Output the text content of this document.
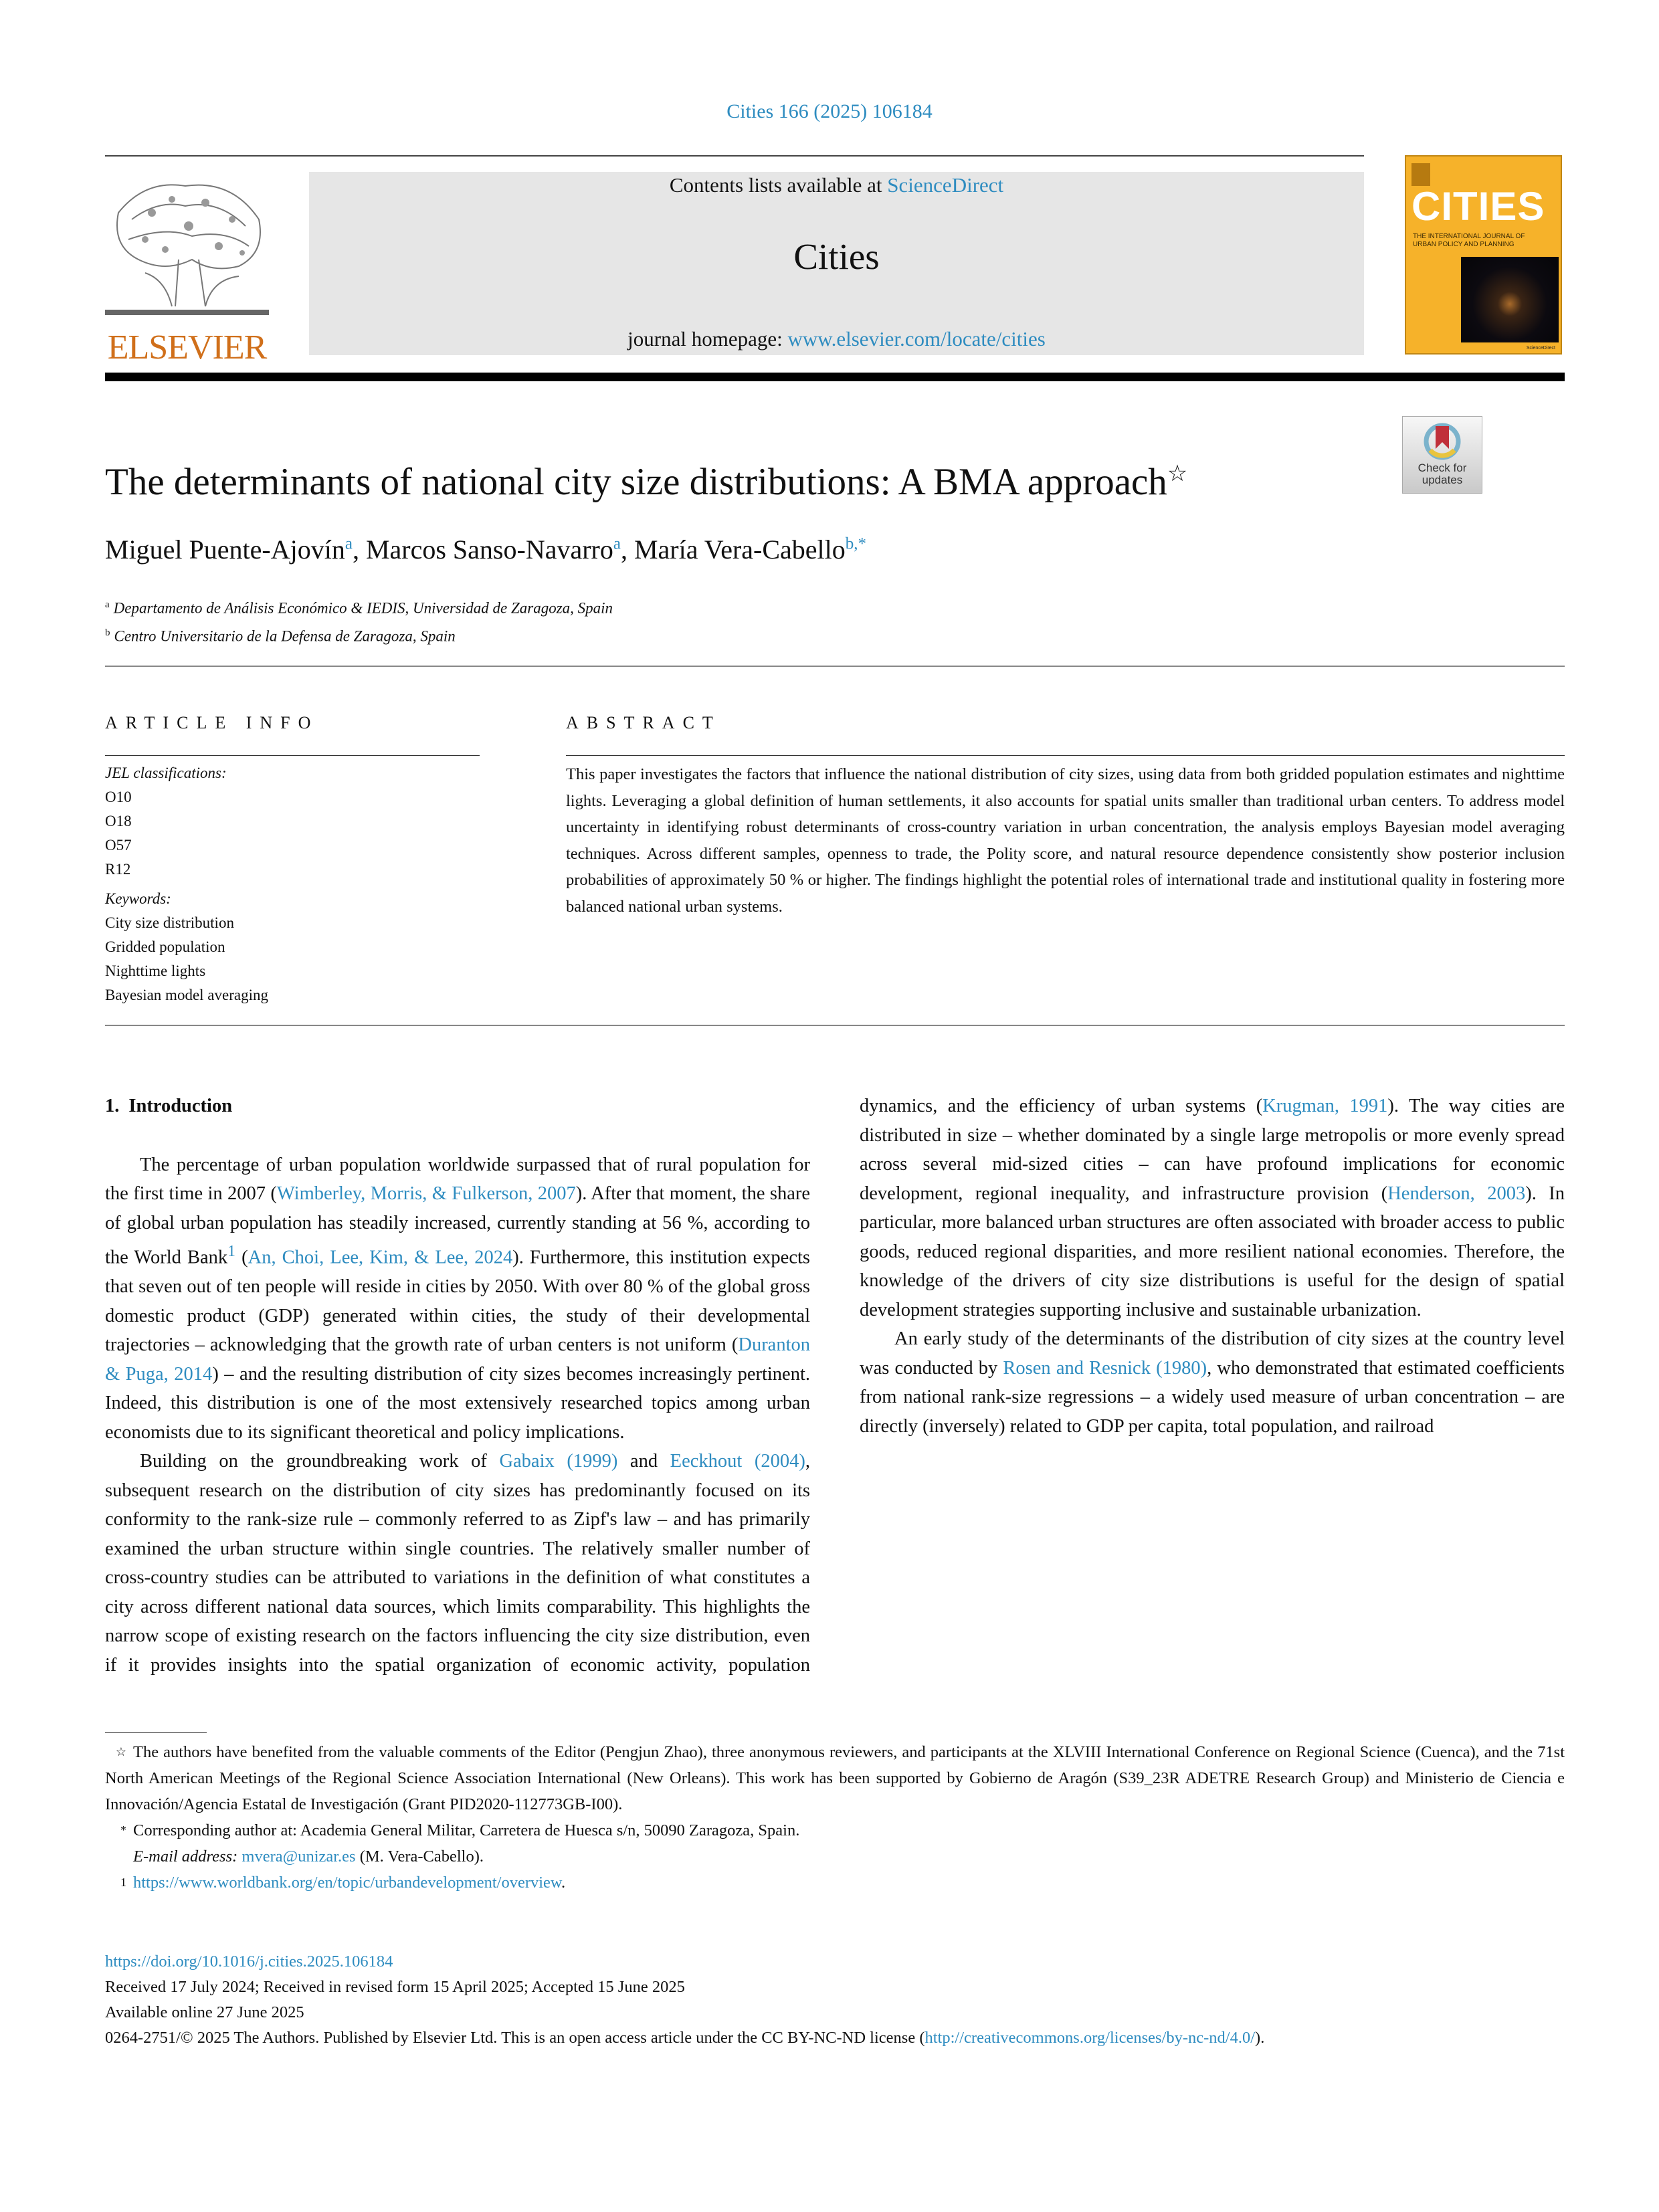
Cities 166 (2025) 106184
ELSEVIER
Contents lists available at ScienceDirect
Cities
journal homepage: www.elsevier.com/locate/cities
CITIES
THE INTERNATIONAL JOURNAL OF
URBAN POLICY AND PLANNING
ScienceDirect
The determinants of national city size distributions: A BMA approach☆	Check for
updates
Miguel Puente-Ajovín$^a$, Marcos Sanso-Navarro$^a$, María Vera-Cabello$^{b,*}$
$^a$ Departamento de Análisis Económico & IEDIS, Universidad de Zaragoza, Spain
$^b$ Centro Universitario de la Defensa de Zaragoza, Spain
ARTICLE INFO	ABSTRACT
JEL classifications:
O10
O18
O57
R12
Keywords:
City size distribution
Gridded population
Nighttime lights
Bayesian model averaging
This paper investigates the factors that influence the national distribution of city sizes, using data from both gridded population estimates and nighttime lights. Leveraging a global definition of human settlements, it also accounts for spatial units smaller than traditional urban centers. To address model uncertainty in identifying robust determinants of cross-country variation in urban concentration, the analysis employs Bayesian model averaging techniques. Across different samples, openness to trade, the Polity score, and natural resource dependence consistently show posterior inclusion probabilities of approximately 50 % or higher. The findings highlight the potential roles of international trade and institutional quality in fostering more balanced national urban systems.

1. Introduction

The percentage of urban population worldwide surpassed that of rural population for the first time in 2007 (Wimberley, Morris, & Fulkerson, 2007). After that moment, the share of global urban population has steadily increased, currently standing at 56 %, according to the World Bank$^1$ (An, Choi, Lee, Kim, & Lee, 2024). Furthermore, this institution expects that seven out of ten people will reside in cities by 2050. With over 80 % of the global gross domestic product (GDP) generated within cities, the study of their developmental trajectories – acknowledging that the growth rate of urban centers is not uniform (Duranton & Puga, 2014) – and the resulting distribution of city sizes becomes increasingly pertinent. Indeed, this distribution is one of the most extensively researched topics among urban economists due to its significant theoretical and policy implications.

Building on the groundbreaking work of Gabaix (1999) and Eeckhout (2004), subsequent research on the distribution of city sizes has predominantly focused on its conformity to the rank-size rule – commonly referred to as Zipf's law – and has primarily examined the urban structure within single countries. The relatively smaller number of cross-country studies can be attributed to variations in the definition of what constitutes a city across different national data sources, which limits comparability. This highlights the narrow scope of existing research on the factors influencing the city size distribution, even if it provides insights into the spatial organization of economic activity, population dynamics, and the efficiency of urban systems (Krugman, 1991). The way cities are distributed in size – whether dominated by a single large metropolis or more evenly spread across several mid-sized cities – can have profound implications for economic development, regional inequality, and infrastructure provision (Henderson, 2003). In particular, more balanced urban structures are often associated with broader access to public goods, reduced regional disparities, and more resilient national economies. Therefore, the knowledge of the drivers of city size distributions is useful for the design of spatial development strategies supporting inclusive and sustainable urbanization.

An early study of the determinants of the distribution of city sizes at the country level was conducted by Rosen and Resnick (1980), who demonstrated that estimated coefficients from national rank-size regressions – a widely used measure of urban concentration – are directly (inversely) related to GDP per capita, total population, and railroad

☆ The authors have benefited from the valuable comments of the Editor (Pengjun Zhao), three anonymous reviewers, and participants at the XLVIII International Conference on Regional Science (Cuenca), and the 71st North American Meetings of the Regional Science Association International (New Orleans). This work has been supported by Gobierno de Aragón (S39_23R ADETRE Research Group) and Ministerio de Ciencia e Innovación/Agencia Estatal de Investigación (Grant PID2020-112773GB-I00).

* Corresponding author at: Academia General Militar, Carretera de Huesca s/n, 50090 Zaragoza, Spain.

E-mail address: mvera@unizar.es (M. Vera-Cabello).

1 https://www.worldbank.org/en/topic/urbandevelopment/overview.

https://doi.org/10.1016/j.cities.2025.106184

Received 17 July 2024; Received in revised form 15 April 2025; Accepted 15 June 2025

Available online 27 June 2025

0264-2751/© 2025 The Authors. Published by Elsevier Ltd. This is an open access article under the CC BY-NC-ND license (http://creativecommons.org/licenses/by-nc-nd/4.0/).
